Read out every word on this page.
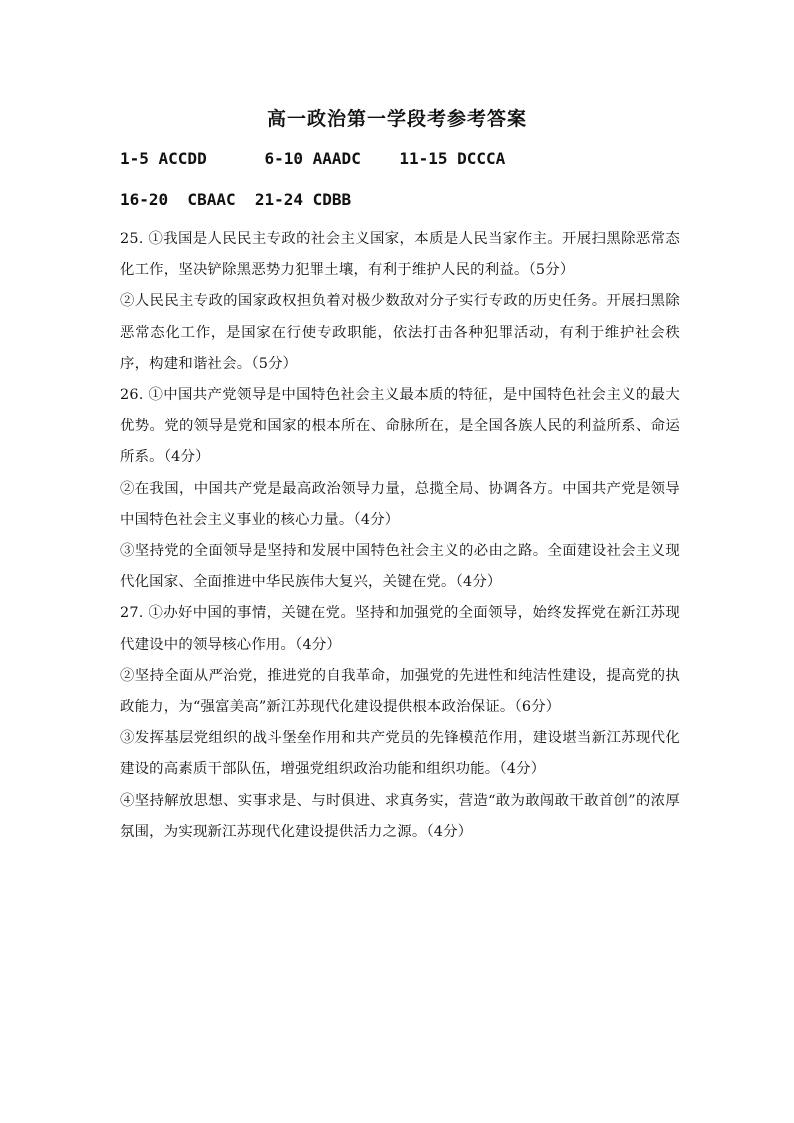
高一政治第一学段考参考答案
1-5 ACCDD      6-10 AAADC    11-15 DCCCA
16-20  CBAAC  21-24 CDBB

25. ①我国是人民民主专政的社会主义国家，本质是人民当家作主。开展扫黑除恶常态化工作，坚决铲除黑恶势力犯罪土壤，有利于维护人民的利益。（5分）

②人民民主专政的国家政权担负着对极少数敌对分子实行专政的历史任务。开展扫黑除恶常态化工作，是国家在行使专政职能，依法打击各种犯罪活动，有利于维护社会秩序，构建和谐社会。（5分）

26. ①中国共产党领导是中国特色社会主义最本质的特征，是中国特色社会主义的最大优势。党的领导是党和国家的根本所在、命脉所在，是全国各族人民的利益所系、命运所系。（4分）

②在我国，中国共产党是最高政治领导力量，总揽全局、协调各方。中国共产党是领导中国特色社会主义事业的核心力量。（4分）

③坚持党的全面领导是坚持和发展中国特色社会主义的必由之路。全面建设社会主义现代化国家、全面推进中华民族伟大复兴，关键在党。（4分）

27. ①办好中国的事情，关键在党。坚持和加强党的全面领导，始终发挥党在新江苏现代建设中的领导核心作用。（4分）

②坚持全面从严治党，推进党的自我革命，加强党的先进性和纯洁性建设，提高党的执政能力，为“强富美高”新江苏现代化建设提供根本政治保证。（6分）

③发挥基层党组织的战斗堡垒作用和共产党员的先锋模范作用，建设堪当新江苏现代化建设的高素质干部队伍，增强党组织政治功能和组织功能。（4分）

④坚持解放思想、实事求是、与时俱进、求真务实，营造“敢为敢闯敢干敢首创”的浓厚氛围，为实现新江苏现代化建设提供活力之源。（4分）
